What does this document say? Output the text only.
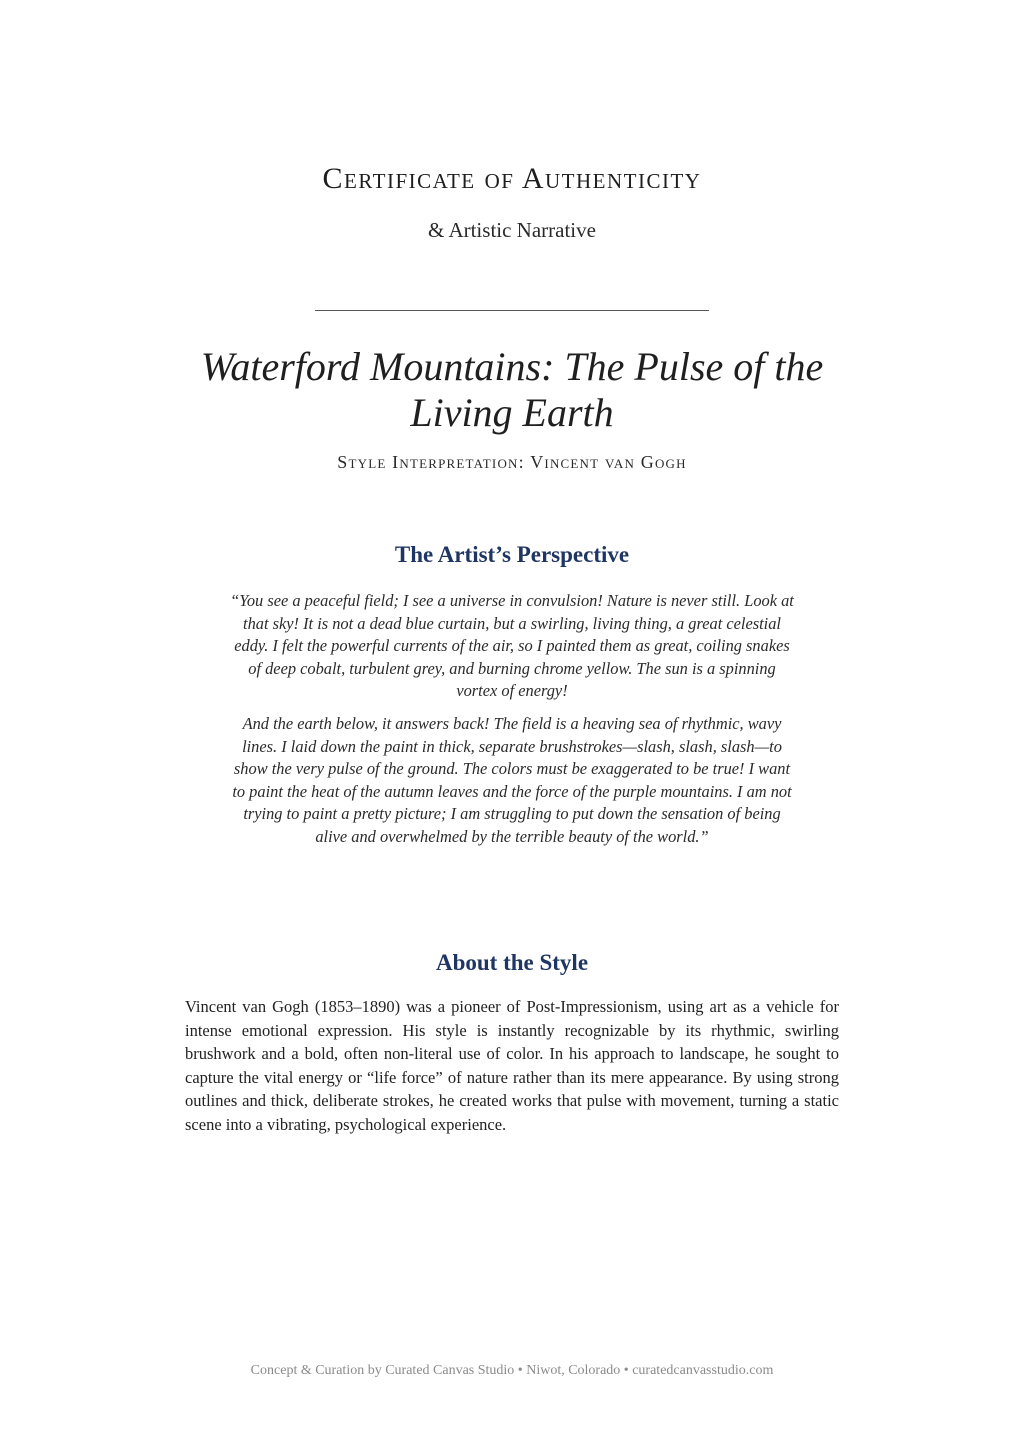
Certificate of Authenticity
& Artistic Narrative
Waterford Mountains: The Pulse of the Living Earth
Style Interpretation: Vincent van Gogh
The Artist’s Perspective

“You see a peaceful field; I see a universe in convulsion! Nature is never still. Look at that sky! It is not a dead blue curtain, but a swirling, living thing, a great celestial eddy. I felt the powerful currents of the air, so I painted them as great, coiling snakes of deep cobalt, turbulent grey, and burning chrome yellow. The sun is a spinning vortex of energy!

And the earth below, it answers back! The field is a heaving sea of rhythmic, wavy lines. I laid down the paint in thick, separate brushstrokes—slash, slash, slash—to show the very pulse of the ground. The colors must be exaggerated to be true! I want to paint the heat of the autumn leaves and the force of the purple mountains. I am not trying to paint a pretty picture; I am struggling to put down the sensation of being alive and overwhelmed by the terrible beauty of the world.”

About the Style

Vincent van Gogh (1853–1890) was a pioneer of Post-Impressionism, using art as a vehicle for intense emotional expression. His style is instantly recognizable by its rhythmic, swirling brushwork and a bold, often non-literal use of color. In his approach to landscape, he sought to capture the vital energy or “life force” of nature rather than its mere appearance. By using strong outlines and thick, deliberate strokes, he created works that pulse with movement, turning a static scene into a vibrating, psychological experience.

Concept & Curation by Curated Canvas Studio • Niwot, Colorado • curatedcanvasstudio.com
